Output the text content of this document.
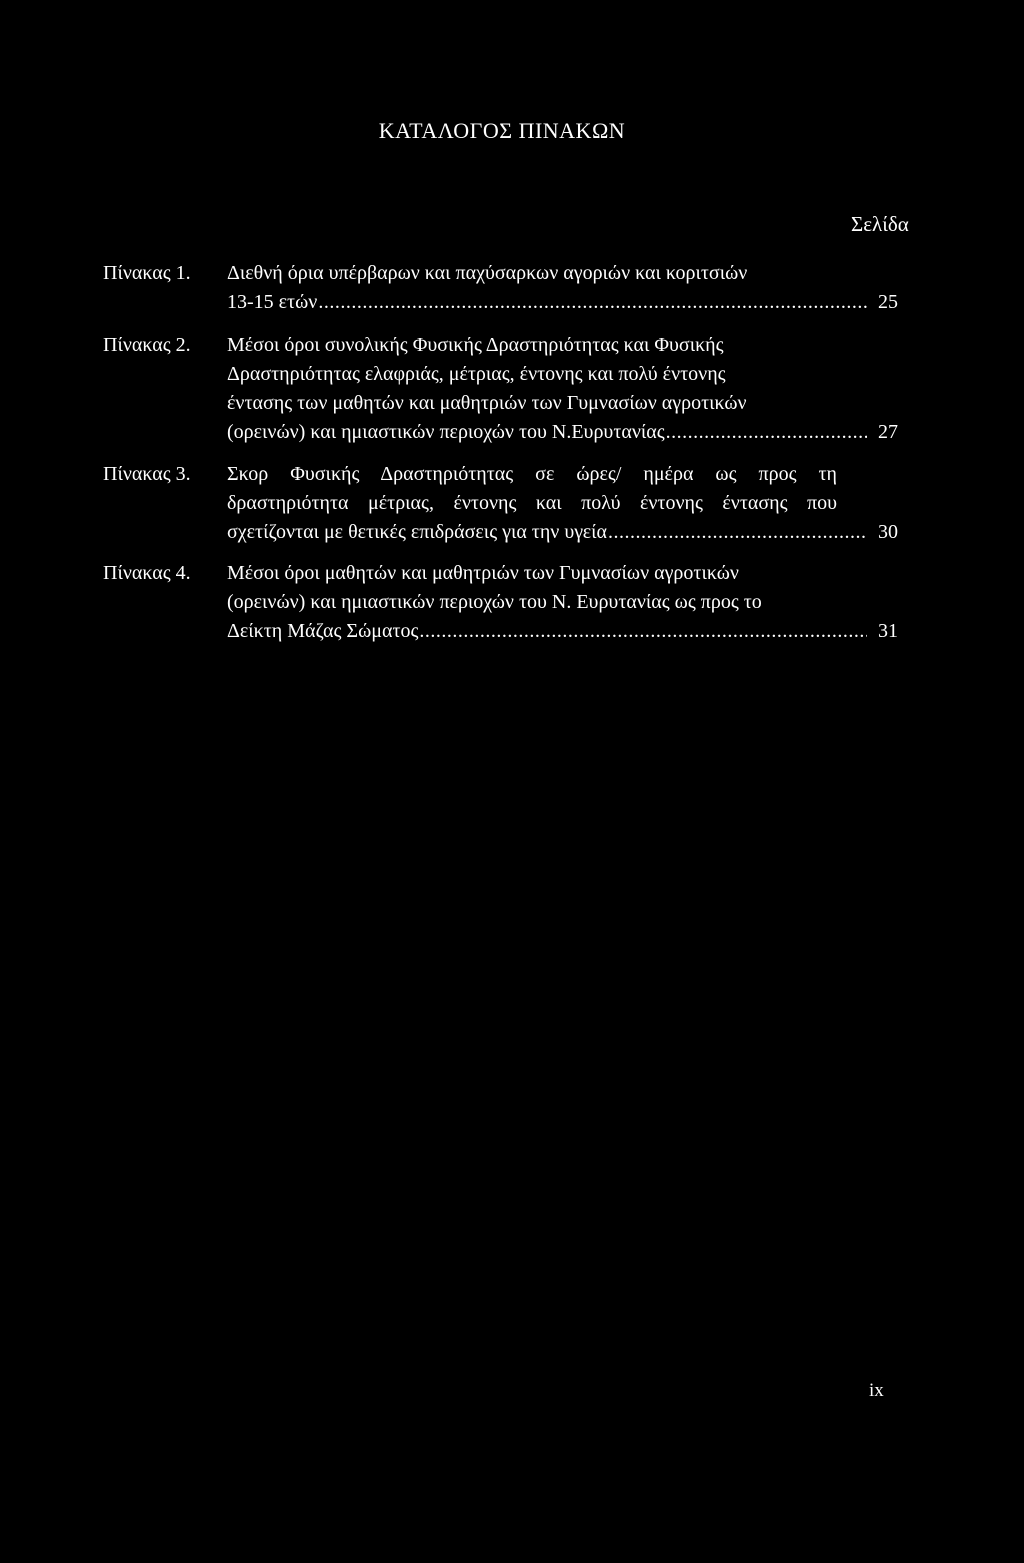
ΚΑΤΑΛΟΓΟΣ ΠΙΝΑΚΩΝ
Σελίδα
Πίνακας 1. Διεθνή όρια υπέρβαρων και παχύσαρκων αγοριών και κοριτσιών
13-15 ετών .....	25
Πίνακας 2. Μέσοι όροι συνολικής Φυσικής Δραστηριότητας και Φυσικής
Δραστηριότητας ελαφριάς, μέτριας, έντονης και πολύ έντονης
έντασης των μαθητών και μαθητριών των Γυμνασίων αγροτικών
(ορεινών) και ημιαστικών περιοχών του Ν.Ευρυτανίας .....	27
Πίνακας 3. Σκορ Φυσικής Δραστηριότητας σε ώρες/ ημέρα ως προς τη
δραστηριότητα μέτριας, έντονης και πολύ έντονης έντασης που
σχετίζονται με θετικές επιδράσεις για την υγεία .....	30
Πίνακας 4. Μέσοι όροι μαθητών και μαθητριών των Γυμνασίων αγροτικών
(ορεινών) και ημιαστικών περιοχών του Ν. Ευρυτανίας ως προς το
Δείκτη Μάζας Σώματος .....	31
ix
